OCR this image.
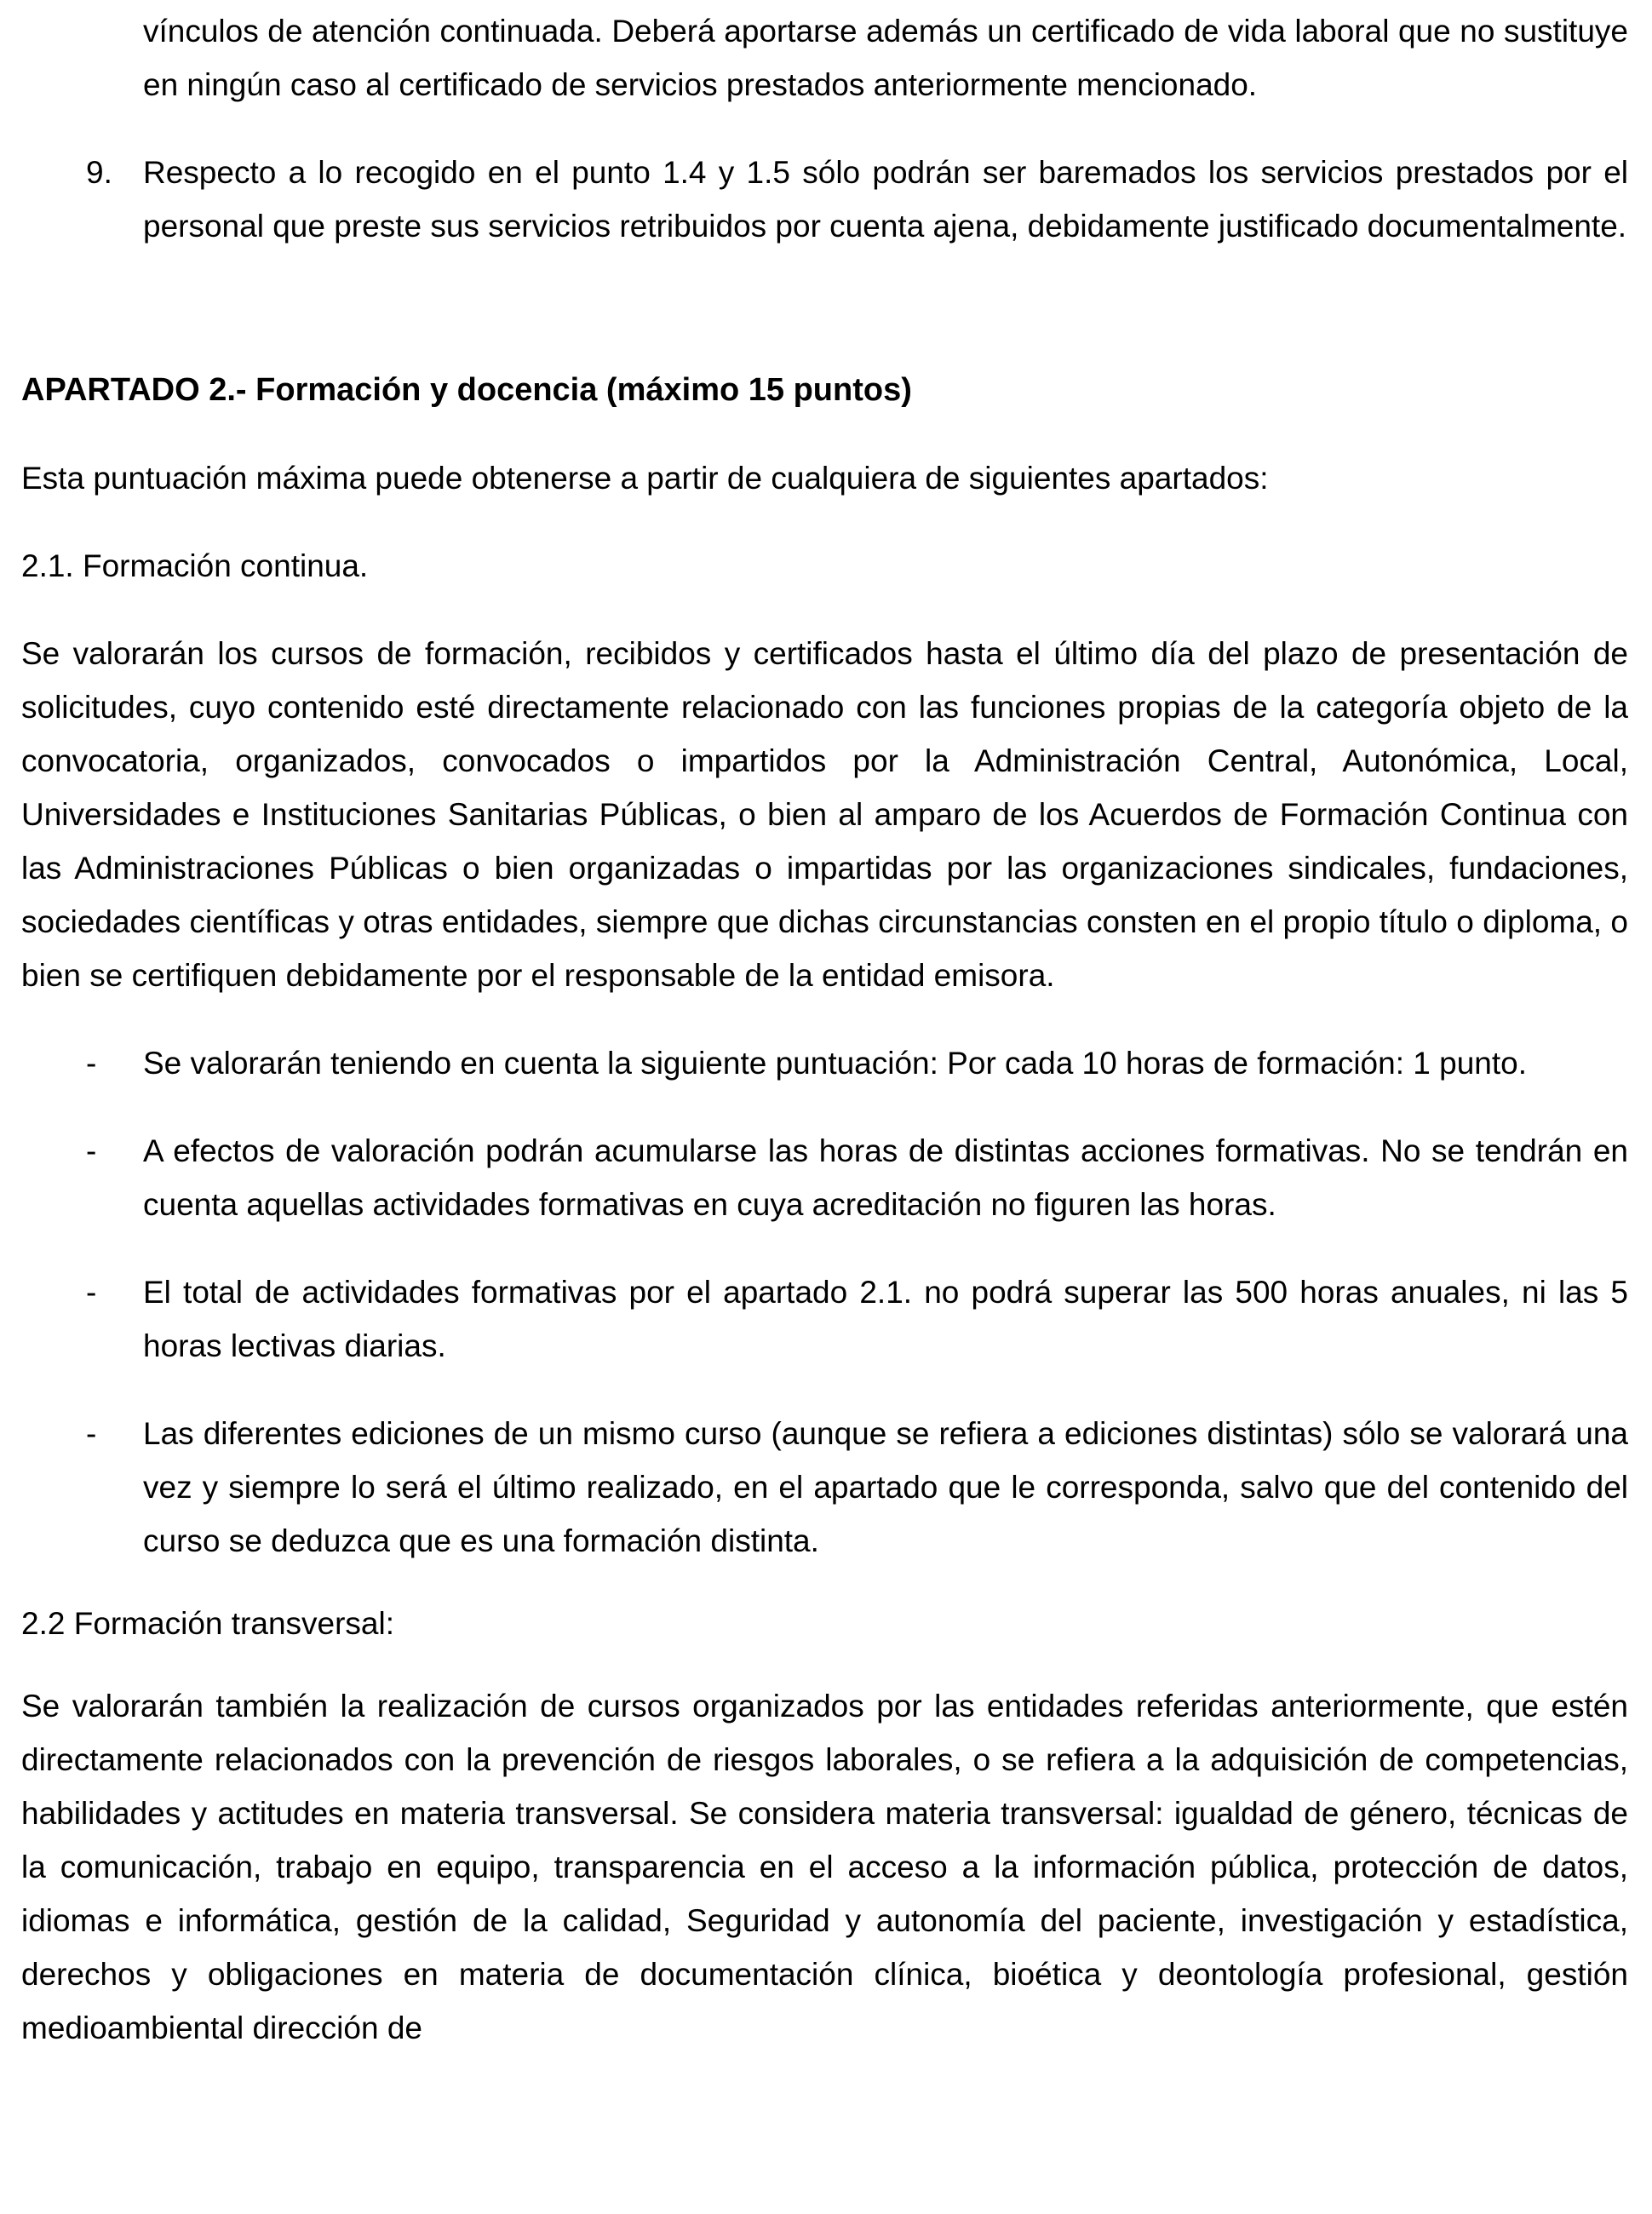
vínculos de atención continuada. Deberá aportarse además un certificado de vida laboral que no sustituye en ningún caso al certificado de servicios prestados anteriormente mencionado.

9. Respecto a lo recogido en el punto 1.4 y 1.5 sólo podrán ser baremados los servicios prestados por el personal que preste sus servicios retribuidos por cuenta ajena, debidamente justificado documentalmente.
APARTADO 2.- Formación y docencia (máximo 15 puntos)

Esta puntuación máxima puede obtenerse a partir de cualquiera de siguientes apartados:

2.1. Formación continua.

Se valorarán los cursos de formación, recibidos y certificados hasta el último día del plazo de presentación de solicitudes, cuyo contenido esté directamente relacionado con las funciones propias de la categoría objeto de la convocatoria, organizados, convocados o impartidos por la Administración Central, Autonómica, Local, Universidades e Instituciones Sanitarias Públicas, o bien al amparo de los Acuerdos de Formación Continua con las Administraciones Públicas o bien organizadas o impartidas por las organizaciones sindicales, fundaciones, sociedades científicas y otras entidades, siempre que dichas circunstancias consten en el propio título o diploma, o bien se certifiquen debidamente por el responsable de la entidad emisora.

- Se valorarán teniendo en cuenta la siguiente puntuación: Por cada 10 horas de formación: 1 punto.
- A efectos de valoración podrán acumularse las horas de distintas acciones formativas. No se tendrán en cuenta aquellas actividades formativas en cuya acreditación no figuren las horas.
- El total de actividades formativas por el apartado 2.1. no podrá superar las 500 horas anuales, ni las 5 horas lectivas diarias.
- Las diferentes ediciones de un mismo curso (aunque se refiera a ediciones distintas) sólo se valorará una vez y siempre lo será el último realizado, en el apartado que le corresponda, salvo que del contenido del curso se deduzca que es una formación distinta.

2.2 Formación transversal:

Se valorarán también la realización de cursos organizados por las entidades referidas anteriormente, que estén directamente relacionados con la prevención de riesgos laborales, o se refiera a la adquisición de competencias, habilidades y actitudes en materia transversal. Se considera materia transversal: igualdad de género, técnicas de la comunicación, trabajo en equipo, transparencia en el acceso a la información pública, protección de datos, idiomas e informática, gestión de la calidad, Seguridad y autonomía del paciente, investigación y estadística, derechos y obligaciones en materia de documentación clínica, bioética y deontología profesional, gestión medioambiental dirección de
